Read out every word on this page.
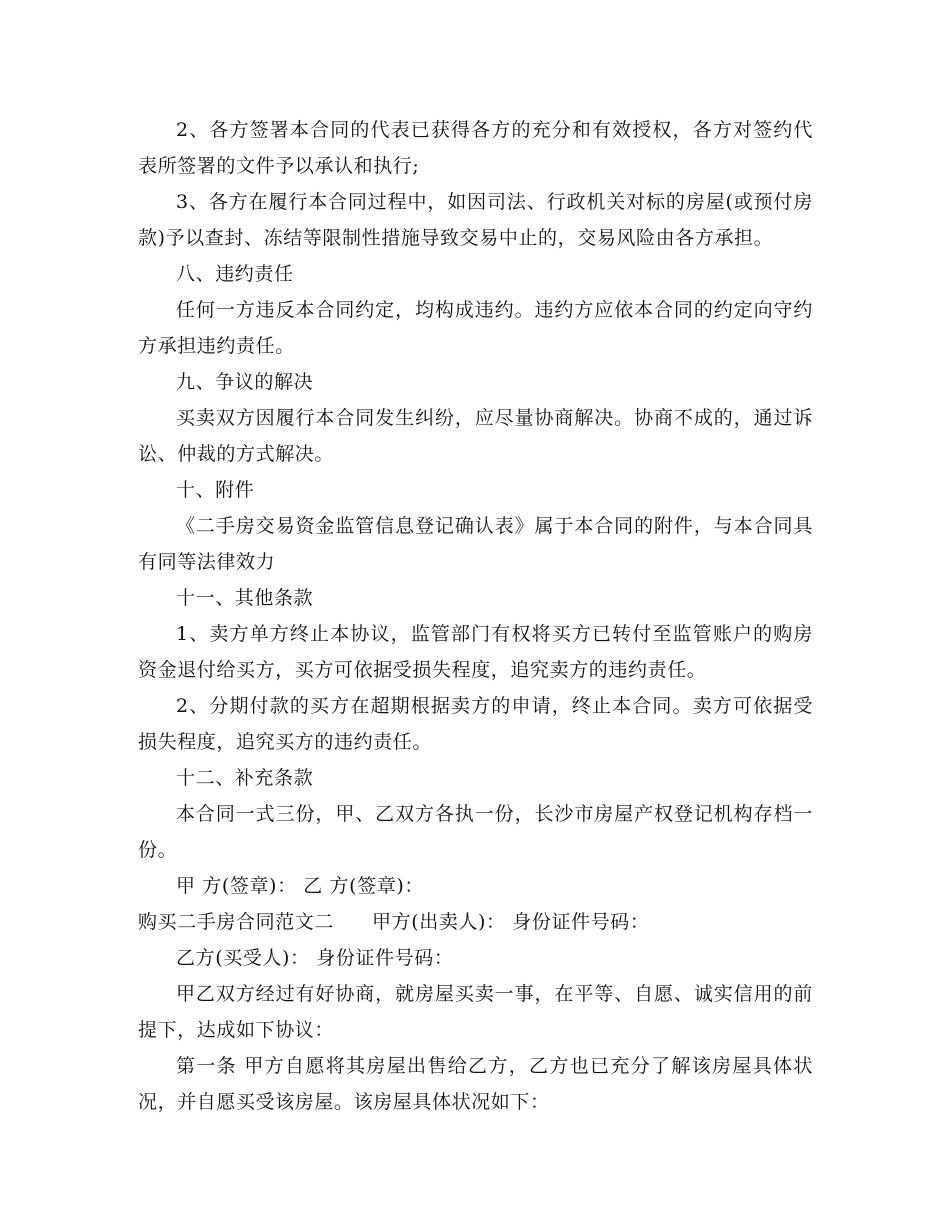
2、各方签署本合同的代表已获得各方的充分和有效授权，各方对签约代表所签署的文件予以承认和执行;

3、各方在履行本合同过程中，如因司法、行政机关对标的房屋(或预付房款)予以查封、冻结等限制性措施导致交易中止的，交易风险由各方承担。

八、违约责任

任何一方违反本合同约定，均构成违约。违约方应依本合同的约定向守约方承担违约责任。

九、争议的解决

买卖双方因履行本合同发生纠纷，应尽量协商解决。协商不成的，通过诉讼、仲裁的方式解决。

十、附件

《二手房交易资金监管信息登记确认表》属于本合同的附件，与本合同具有同等法律效力

十一、其他条款

1、卖方单方终止本协议，监管部门有权将买方已转付至监管账户的购房资金退付给买方，买方可依据受损失程度，追究卖方的违约责任。

2、分期付款的买方在超期根据卖方的申请，终止本合同。卖方可依据受损失程度，追究买方的违约责任。

十二、补充条款

本合同一式三份，甲、乙双方各执一份，长沙市房屋产权登记机构存档一份。

甲 方(签章)： 乙 方(签章)：

购买二手房合同范文二 甲方(出卖人)： 身份证件号码：

乙方(买受人)： 身份证件号码：

甲乙双方经过有好协商，就房屋买卖一事，在平等、自愿、诚实信用的前提下，达成如下协议：

第一条 甲方自愿将其房屋出售给乙方，乙方也已充分了解该房屋具体状况，并自愿买受该房屋。该房屋具体状况如下：
